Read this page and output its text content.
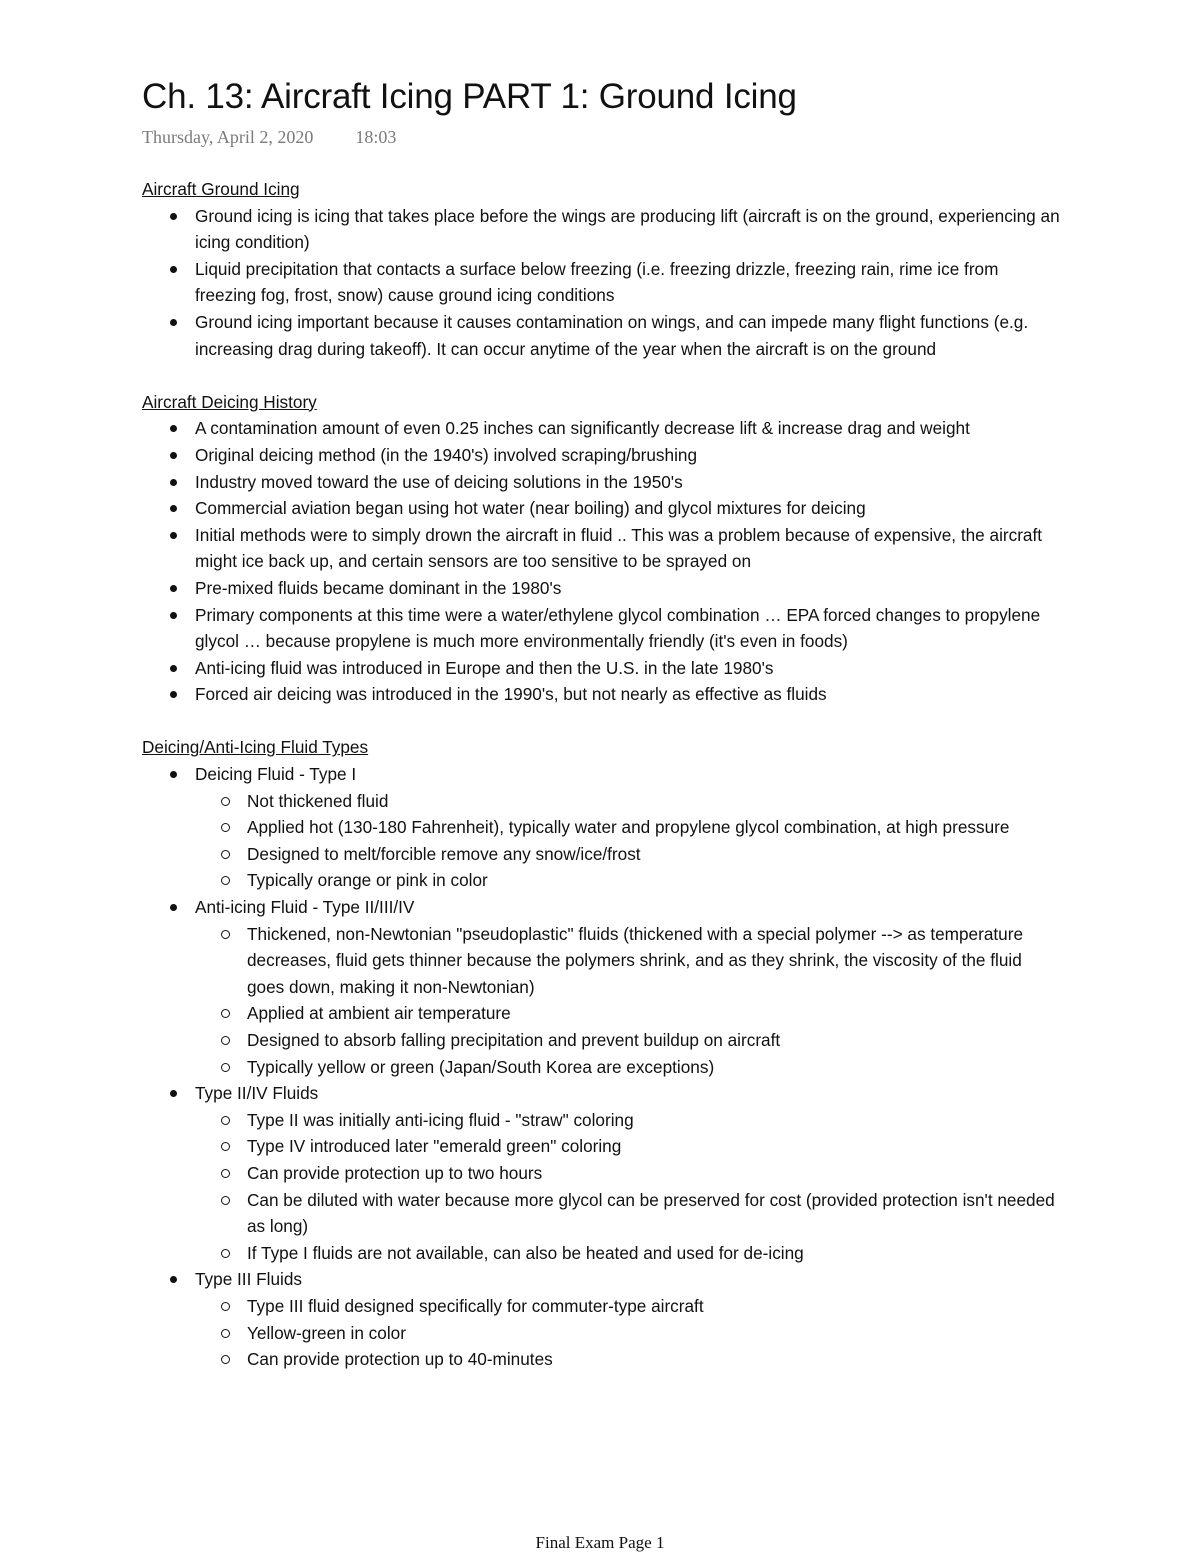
Ch. 13: Aircraft Icing PART 1: Ground Icing
Thursday, April 2, 2020 18:03
Aircraft Ground Icing
Ground icing is icing that takes place before the wings are producing lift (aircraft is on the ground, experiencing an icing condition)
Liquid precipitation that contacts a surface below freezing (i.e. freezing drizzle, freezing rain, rime ice from freezing fog, frost, snow) cause ground icing conditions
Ground icing important because it causes contamination on wings, and can impede many flight functions (e.g. increasing drag during takeoff). It can occur anytime of the year when the aircraft is on the ground
Aircraft Deicing History
A contamination amount of even 0.25 inches can significantly decrease lift & increase drag and weight
Original deicing method (in the 1940's) involved scraping/brushing
Industry moved toward the use of deicing solutions in the 1950's
Commercial aviation began using hot water (near boiling) and glycol mixtures for deicing
Initial methods were to simply drown the aircraft in fluid .. This was a problem because of expensive, the aircraft might ice back up, and certain sensors are too sensitive to be sprayed on
Pre-mixed fluids became dominant in the 1980's
Primary components at this time were a water/ethylene glycol combination … EPA forced changes to propylene glycol … because propylene is much more environmentally friendly (it's even in foods)
Anti-icing fluid was introduced in Europe and then the U.S. in the late 1980's
Forced air deicing was introduced in the 1990's, but not nearly as effective as fluids
Deicing/Anti-Icing Fluid Types
Deicing Fluid - Type I
Not thickened fluid
Applied hot (130-180 Fahrenheit), typically water and propylene glycol combination, at high pressure
Designed to melt/forcible remove any snow/ice/frost
Typically orange or pink in color
Anti-icing Fluid - Type II/III/IV
Thickened, non-Newtonian "pseudoplastic" fluids (thickened with a special polymer --> as temperature decreases, fluid gets thinner because the polymers shrink, and as they shrink, the viscosity of the fluid goes down, making it non-Newtonian)
Applied at ambient air temperature
Designed to absorb falling precipitation and prevent buildup on aircraft
Typically yellow or green (Japan/South Korea are exceptions)
Type II/IV Fluids
Type II was initially anti-icing fluid - "straw" coloring
Type IV introduced later "emerald green" coloring
Can provide protection up to two hours
Can be diluted with water because more glycol can be preserved for cost (provided protection isn't needed as long)
If Type I fluids are not available, can also be heated and used for de-icing
Type III Fluids
Type III fluid designed specifically for commuter-type aircraft
Yellow-green in color
Can provide protection up to 40-minutes
Final Exam Page 1
